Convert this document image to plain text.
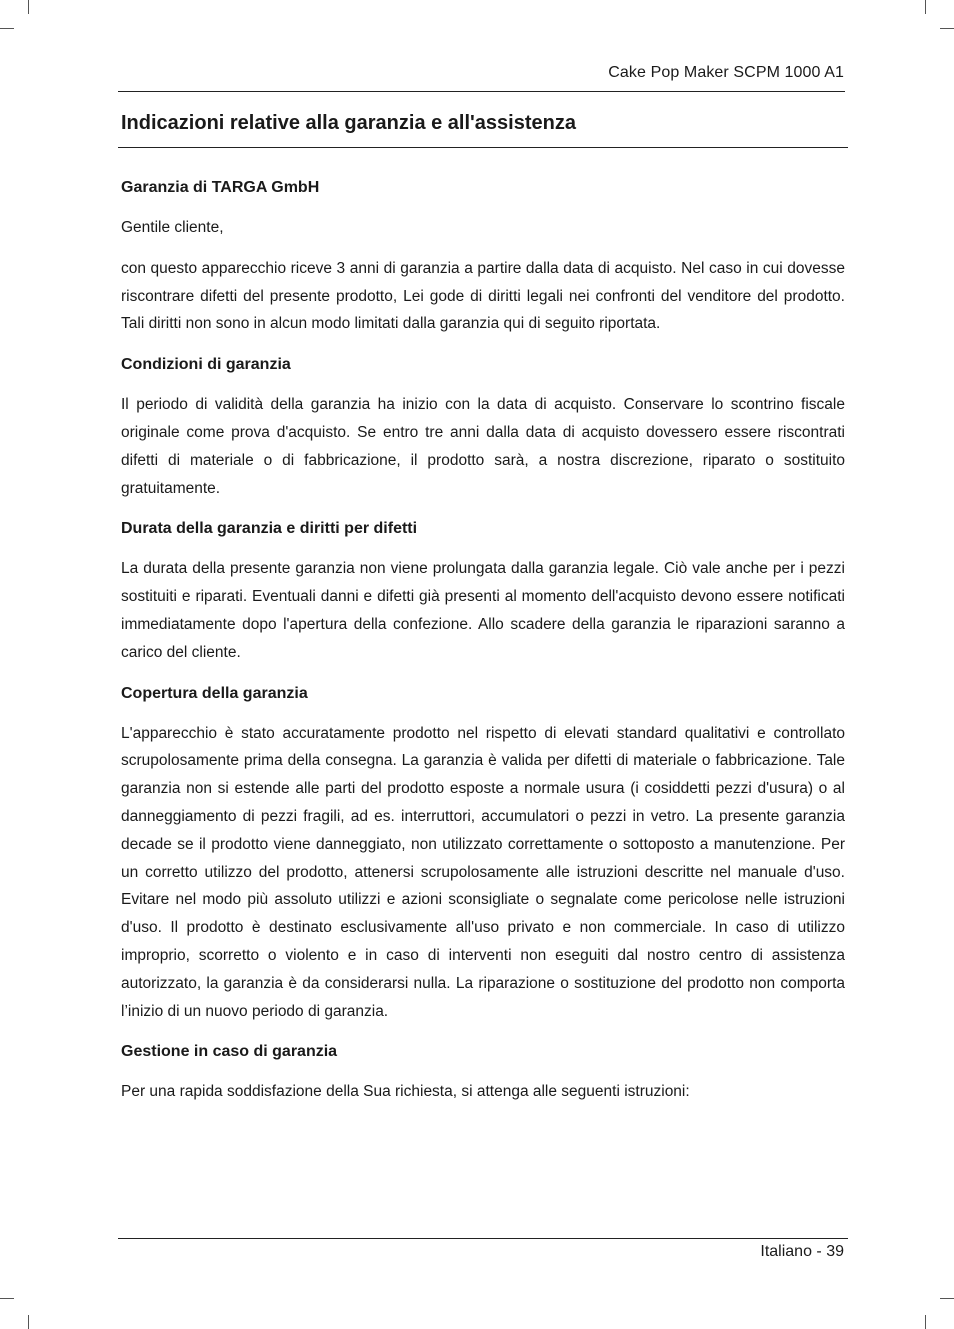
Cake Pop Maker SCPM 1000 A1
Indicazioni relative alla garanzia e all'assistenza
Garanzia di TARGA GmbH

Gentile cliente,

con questo apparecchio riceve 3 anni di garanzia a partire dalla data di acquisto. Nel caso in cui dovesse riscontrare difetti del presente prodotto, Lei gode di diritti legali nei confronti del venditore del prodotto. Tali diritti non sono in alcun modo limitati dalla garanzia qui di seguito riportata.

Condizioni di garanzia

Il periodo di validità della garanzia ha inizio con la data di acquisto. Conservare lo scontrino fiscale originale come prova d'acquisto. Se entro tre anni dalla data di acquisto dovessero essere riscontrati difetti di materiale o di fabbricazione, il prodotto sarà, a nostra discrezione, riparato o sostituito gratuitamente.

Durata della garanzia e diritti per difetti

La durata della presente garanzia non viene prolungata dalla garanzia legale. Ciò vale anche per i pezzi sostituiti e riparati. Eventuali danni e difetti già presenti al momento dell'acquisto devono essere notificati immediatamente dopo l'apertura della confezione. Allo scadere della garanzia le riparazioni saranno a carico del cliente.

Copertura della garanzia

L'apparecchio è stato accuratamente prodotto nel rispetto di elevati standard qualitativi e controllato scrupolosamente prima della consegna. La garanzia è valida per difetti di materiale o fabbricazione. Tale garanzia non si estende alle parti del prodotto esposte a normale usura (i cosiddetti pezzi d'usura) o al danneggiamento di pezzi fragili, ad es. interruttori, accumulatori o pezzi in vetro. La presente garanzia decade se il prodotto viene danneggiato, non utilizzato correttamente o sottoposto a manutenzione. Per un corretto utilizzo del prodotto, attenersi scrupolosamente alle istruzioni descritte nel manuale d'uso. Evitare nel modo più assoluto utilizzi e azioni sconsigliate o segnalate come pericolose nelle istruzioni d'uso. Il prodotto è destinato esclusivamente all'uso privato e non commerciale. In caso di utilizzo improprio, scorretto o violento e in caso di interventi non eseguiti dal nostro centro di assistenza autorizzato, la garanzia è da considerarsi nulla. La riparazione o sostituzione del prodotto non comporta l’inizio di un nuovo periodo di garanzia.

Gestione in caso di garanzia

Per una rapida soddisfazione della Sua richiesta, si attenga alle seguenti istruzioni:

Italiano - 39
